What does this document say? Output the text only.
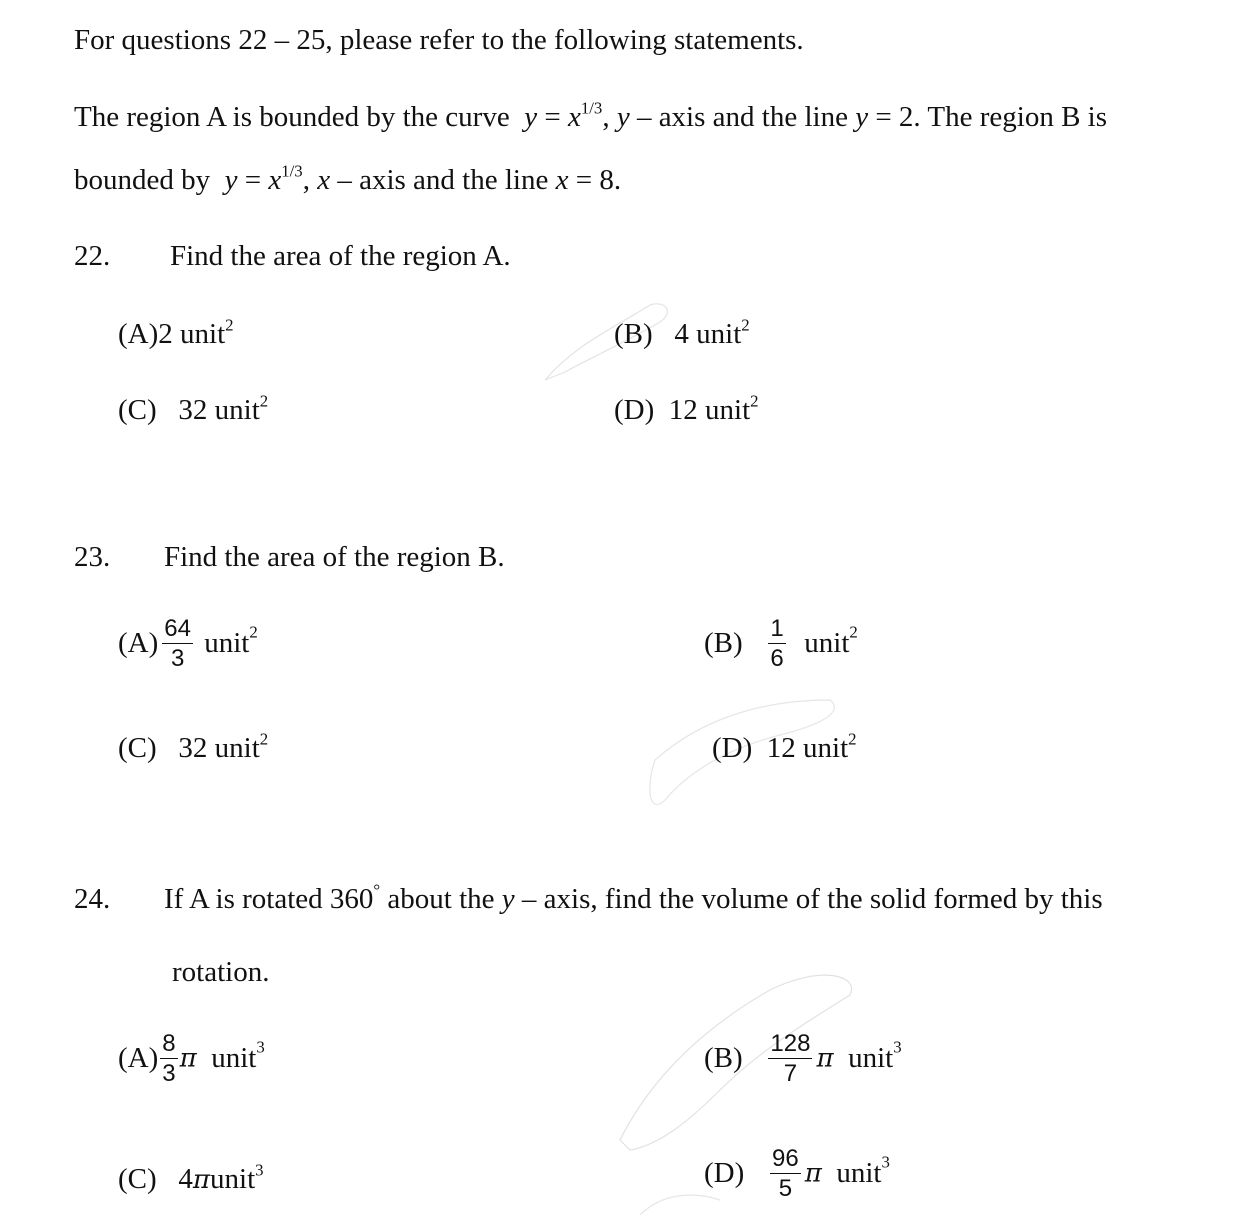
For questions 22 – 25, please refer to the following statements.
The region A is bounded by the curve $y = x^{1/3}$, y – axis and the line y = 2. The region B is
bounded by $y = x^{1/3}$, x – axis and the line x = 8.
22. Find the area of the region A.
(A)2 unit$^2$	(B) 4 unit$^2$
(C) 32 unit$^2$	(D) 12 unit$^2$
23. Find the area of the region B.
$(A) \frac{64}{3}$ unit$^2$	$(B) \frac{1}{6}$ unit$^2$
(C) 32 unit$^2$	(D) 12 unit$^2$
24. If A is rotated 360° about the y – axis, find the volume of the solid formed by this
rotation.
$(A) \frac{8}{3}$ π unit$^3$	$(B) \frac{128}{7}$ π unit$^3$
(C) 4πunit$^3$	$(D) \frac{96}{5}$ π unit$^3$
